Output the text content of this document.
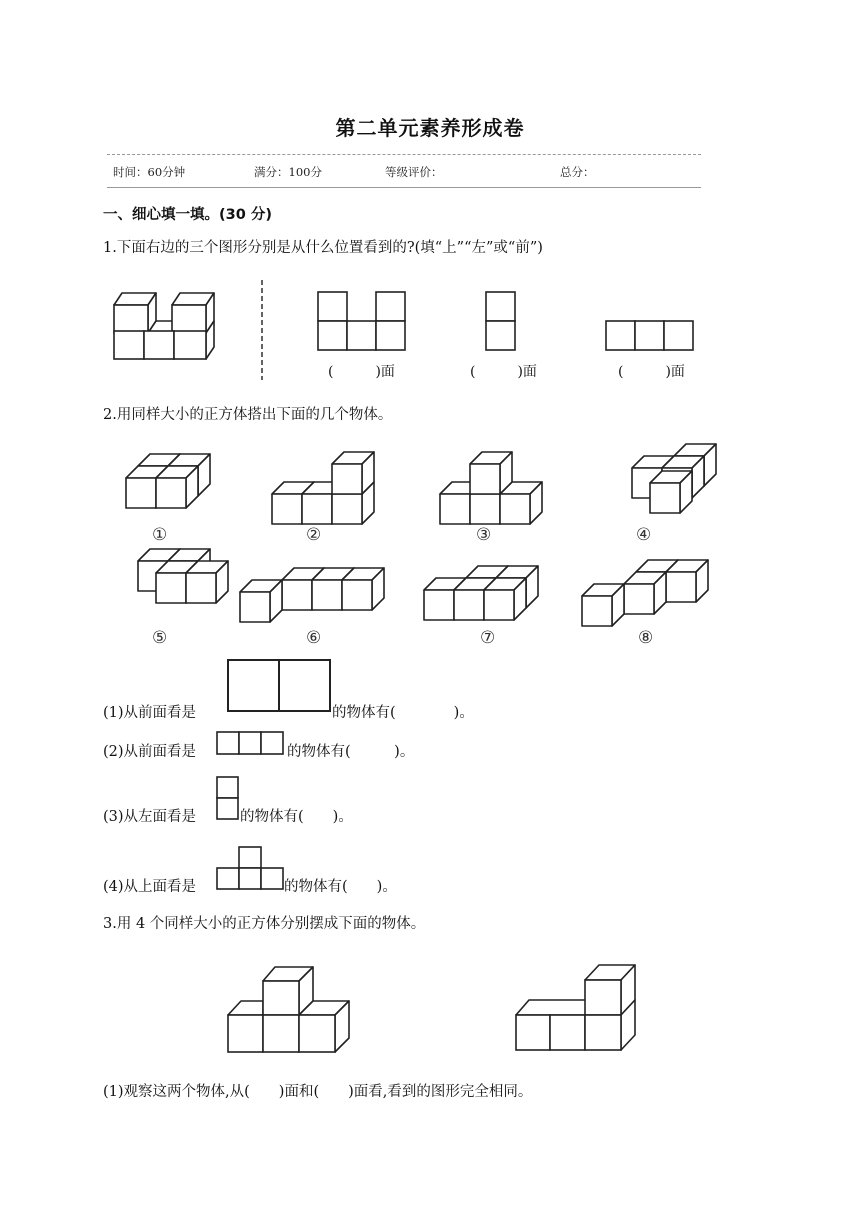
第二单元素养形成卷
时间：60分钟	满分：100分	等级评价：	总分：
一、细心填一填。(30 分)
1.下面右边的三个图形分别是从什么位置看到的?(填“上”“左”或“前”)
(　　　)面	(　　　)面	(　　　)面
2.用同样大小的正方体搭出下面的几个物体。
①	②	③	④
⑤	⑥	⑦	⑧
(1)从前面看是	的物体有(　　　　)。
(2)从前面看是	的物体有(　　　)。
(3)从左面看是	的物体有(　　)。
(4)从上面看是	的物体有(　　)。
3.用 4 个同样大小的正方体分别摆成下面的物体。
(1)观察这两个物体,从(　　)面和(　　)面看,看到的图形完全相同。
